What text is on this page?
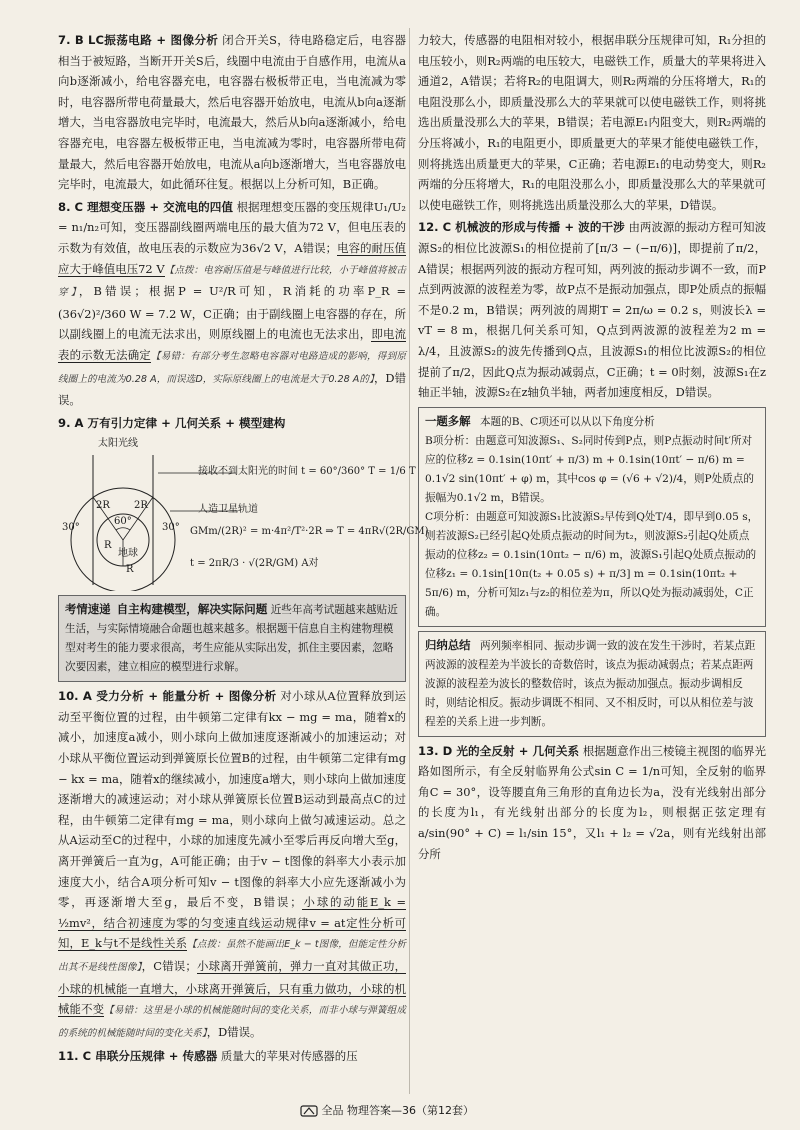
7. B LC振荡电路 + 图像分析 闭合开关S，待电路稳定后，电容器相当于被短路，当断开开关S后，线圈中电流由于自感作用，电流从a向b逐渐减小，给电容器充电，电容器右极板带正电，当电流减为零时，电容器所带电荷量最大，然后电容器开始放电，电流从b向a逐渐增大，当电容器放电完毕时，电流最大，然后从b向a逐渐减小，给电容器充电，电容器左极板带正电，当电流减为零时，电容器所带电荷量最大，然后电容器开始放电，电流从a向b逐渐增大，当电容器放电完毕时，电流最大，如此循环往复。根据以上分析可知，B正确。

8. C 理想变压器 + 交流电的四值 根据理想变压器的变压规律U₁/U₂ = n₁/n₂可知，变压器副线圈两端电压的最大值为72 V，但电压表的示数为有效值，故电压表的示数应为36√2 V，A错误；电容的耐压值应大于峰值电压72 V【点拨：电容耐压值是与峰值进行比较，小于峰值将被击穿】，B错误；根据P = U²/R可知，R消耗的功率P_R = (36√2)²/360 W = 7.2 W，C正确；由于副线圈上电容器的存在，所以副线圈上的电流无法求出，则原线圈上的电流也无法求出，即电流表的示数无法确定【易错：有部分考生忽略电容器对电路造成的影响，得到原线圈上的电流为0.28 A，而误选D，实际原线圈上的电流是大于0.28 A的】，D错误。

9. A 万有引力定律 + 几何关系 + 模型建构

太阳光线
接收不到太阳光的时间 t = 60°/360° T = 1/6 T
人造卫星轨道
GMm/(2R)² = m·4π²/T²·2R ⇒ T = 4πR√(2R/GM)
t = 2πR/3 · √(2R/GM) A对
30°	30°
60°
2R 2R
R
地球
R
考情速递 自主构建模型，解决实际问题 近些年高考试题越来越贴近生活，与实际情境融合命题也越来越多。根据题干信息自主构建物理模型对考生的能力要求很高，考生应能从实际出发，抓住主要因素，忽略次要因素，建立相应的模型进行求解。

10. A 受力分析 + 能量分析 + 图像分析 对小球从A位置释放到运动至平衡位置的过程，由牛顿第二定律有kx − mg = ma，随着x的减小，加速度a减小，则小球向上做加速度逐渐减小的加速运动；对小球从平衡位置运动到弹簧原长位置B的过程，由牛顿第二定律有mg − kx = ma，随着x的继续减小，加速度a增大，则小球向上做加速度逐渐增大的减速运动；对小球从弹簧原长位置B运动到最高点C的过程，由牛顿第二定律有mg = ma，则小球向上做匀减速运动。总之从A运动至C的过程中，小球的加速度先减小至零后再反向增大至g，离开弹簧后一直为g，A可能正确；由于v − t图像的斜率大小表示加速度大小，结合A项分析可知v − t图像的斜率大小应先逐渐减小为零，再逐渐增大至g，最后不变，B错误；小球的动能E_k = ½mv²，结合初速度为零的匀变速直线运动规律v = at定性分析可知，E_k与t不是线性关系【点拨：虽然不能画出E_k − t图像，但能定性分析出其不是线性图像】，C错误；小球离开弹簧前，弹力一直对其做正功，小球的机械能一直增大，小球离开弹簧后，只有重力做功，小球的机械能不变【易错：这里是小球的机械能随时间的变化关系，而非小球与弹簧组成的系统的机械能随时间的变化关系】，D错误。

11. C 串联分压规律 + 传感器 质量大的苹果对传感器的压

力较大，传感器的电阻相对较小，根据串联分压规律可知，R₁分担的电压较小，则R₂两端的电压较大，电磁铁工作，质量大的苹果将进入通道2，A错误；若将R₂的电阻调大，则R₂两端的分压将增大，R₁的电阻没那么小，即质量没那么大的苹果就可以使电磁铁工作，则将挑选出质量没那么大的苹果，B错误；若电源E₁内阻变大，则R₂两端的分压将减小，R₁的电阻更小，即质量更大的苹果才能使电磁铁工作，则将挑选出质量更大的苹果，C正确；若电源E₁的电动势变大，则R₂两端的分压将增大，R₁的电阻没那么小，即质量没那么大的苹果就可以使电磁铁工作，则将挑选出质量没那么大的苹果，D错误。

12. C 机械波的形成与传播 + 波的干涉 由两波源的振动方程可知波源S₂的相位比波源S₁的相位提前了[π/3 − (−π/6)]，即提前了π/2，A错误；根据两列波的振动方程可知，两列波的振动步调不一致，而P点到两波源的波程差为零，故P点不是振动加强点，即P处质点的振幅不是0.2 m，B错误；两列波的周期T = 2π/ω = 0.2 s，则波长λ = vT = 8 m，根据几何关系可知，Q点到两波源的波程差为2 m = λ/4，且波源S₂的波先传播到Q点，且波源S₁的相位比波源S₂的相位提前了π/2，因此Q点为振动减弱点，C正确；t = 0时刻，波源S₁在z轴正半轴，波源S₂在z轴负半轴，两者加速度相反，D错误。

一题多解 本题的B、C项还可以从以下角度分析
B项分析：由题意可知波源S₁、S₂同时传到P点，则P点振动时间t′所对应的位移z = 0.1sin(10πt′ + π/3) m + 0.1sin(10πt′ − π/6) m = 0.1√2 sin(10πt′ + φ) m，其中cos φ = (√6 + √2)/4，则P处质点的振幅为0.1√2 m，B错误。
C项分析：由题意可知波源S₁比波源S₂早传到Q处T/4，即早到0.05 s，则若波源S₂已经引起Q处质点振动的时间为t₂，则波源S₂引起Q处质点振动的位移z₂ = 0.1sin(10πt₂ − π/6) m，波源S₁引起Q处质点振动的位移z₁ = 0.1sin[10π(t₂ + 0.05 s) + π/3] m = 0.1sin(10πt₂ + 5π/6) m，分析可知z₁与z₂的相位差为π，所以Q处为振动减弱处，C正确。
归纳总结 两列频率相同、振动步调一致的波在发生干涉时，若某点距两波源的波程差为半波长的奇数倍时，该点为振动减弱点；若某点距两波源的波程差为波长的整数倍时，该点为振动加强点。振动步调相反时，则结论相反。振动步调既不相同、又不相反时，可以从相位差与波程差的关系上进一步判断。

13. D 光的全反射 + 几何关系 根据题意作出三棱镜主视图的临界光路如图所示，有全反射临界角公式sin C = 1/n可知，全反射的临界角C = 30°，设等腰直角三角形的直角边长为a，没有光线射出部分的长度为l₁，有光线射出部分的长度为l₂，则根据正弦定理有a/sin(90° + C) = l₁/sin 15°，又l₁ + l₂ = √2a，则有光线射出部分所

全品 物理答案—36（第12套）
